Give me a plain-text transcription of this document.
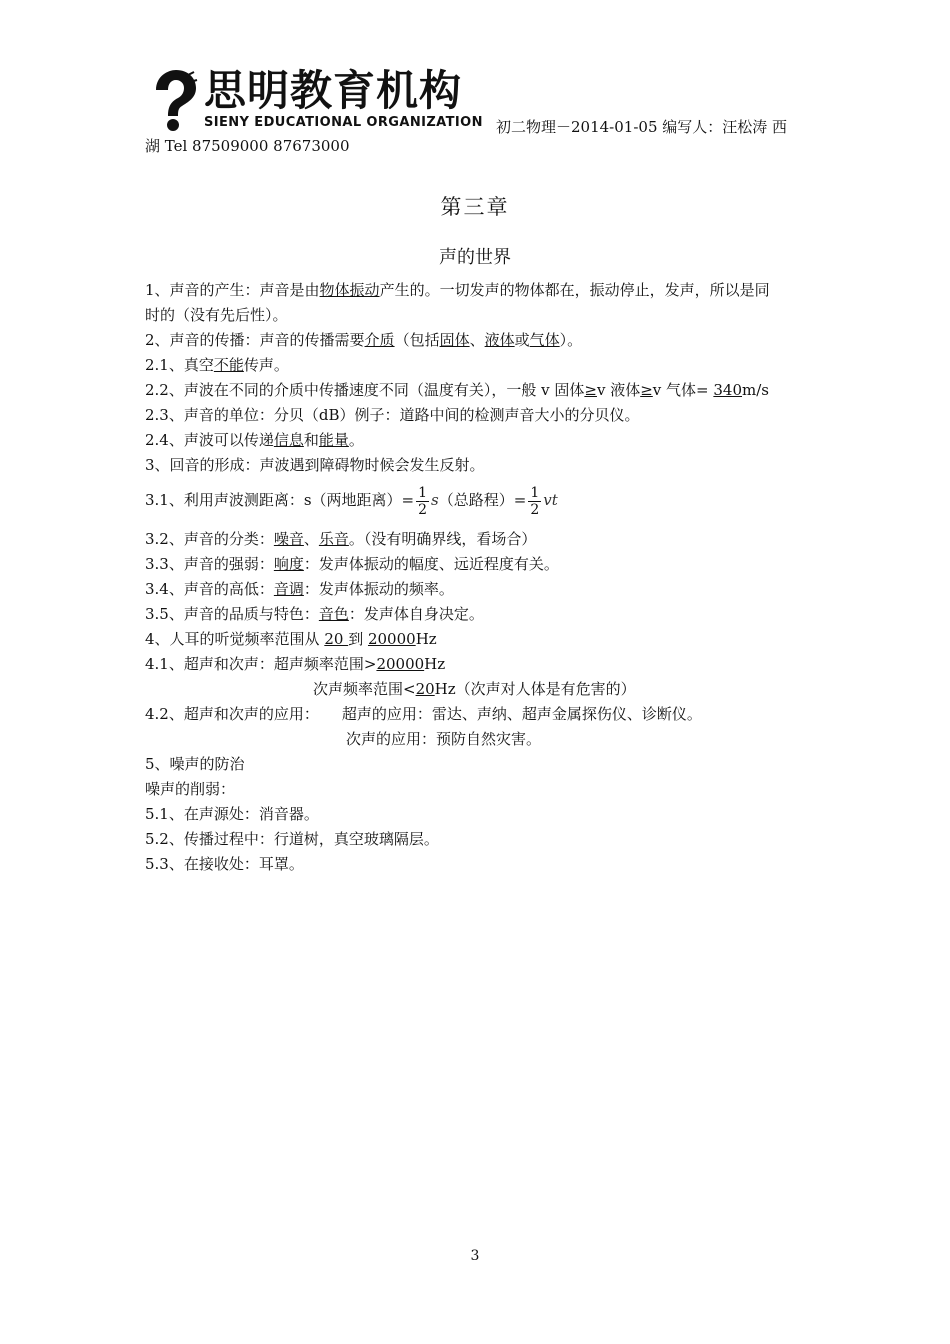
思明教育机构
SIENY EDUCATIONAL ORGANIZATION 初二物理－2014-01-05 编写人：汪松涛 西
湖 Tel 87509000 87673000
第三章
声的世界
1、声音的产生：声音是由物体振动产生的。一切发声的物体都在，振动停止，发声，所以是同
时的（没有先后性）。
2、声音的传播：声音的传播需要介质（包括固体、液体或气体）。
2.1、真空不能传声。
2.2、声波在不同的介质中传播速度不同（温度有关），一般 v 固体≥v 液体≥v 气体= 340m/s
2.3、声音的单位：分贝（dB）例子：道路中间的检测声音大小的分贝仪。
2.4、声波可以传递信息和能量。
3、回音的形成：声波遇到障碍物时候会发生反射。
3.1、利用声波测距离：s（两地距离）= $\frac{1}{2} s$（总路程）= $\frac{1}{2}$ vt
3.2、声音的分类：噪音、乐音。（没有明确界线，看场合）
3.3、声音的强弱：响度：发声体振动的幅度、远近程度有关。
3.4、声音的高低：音调：发声体振动的频率。
3.5、声音的品质与特色：音色：发声体自身决定。
4、人耳的听觉频率范围从 20 到 20000Hz
4.1、超声和次声：超声频率范围>20000Hz
次声频率范围<20Hz（次声对人体是有危害的）
4.2、超声和次声的应用： 超声的应用：雷达、声纳、超声金属探伤仪、诊断仪。
次声的应用：预防自然灾害。
5、噪声的防治
噪声的削弱：
5.1、在声源处：消音器。
5.2、传播过程中：行道树，真空玻璃隔层。
5.3、在接收处：耳罩。
3
